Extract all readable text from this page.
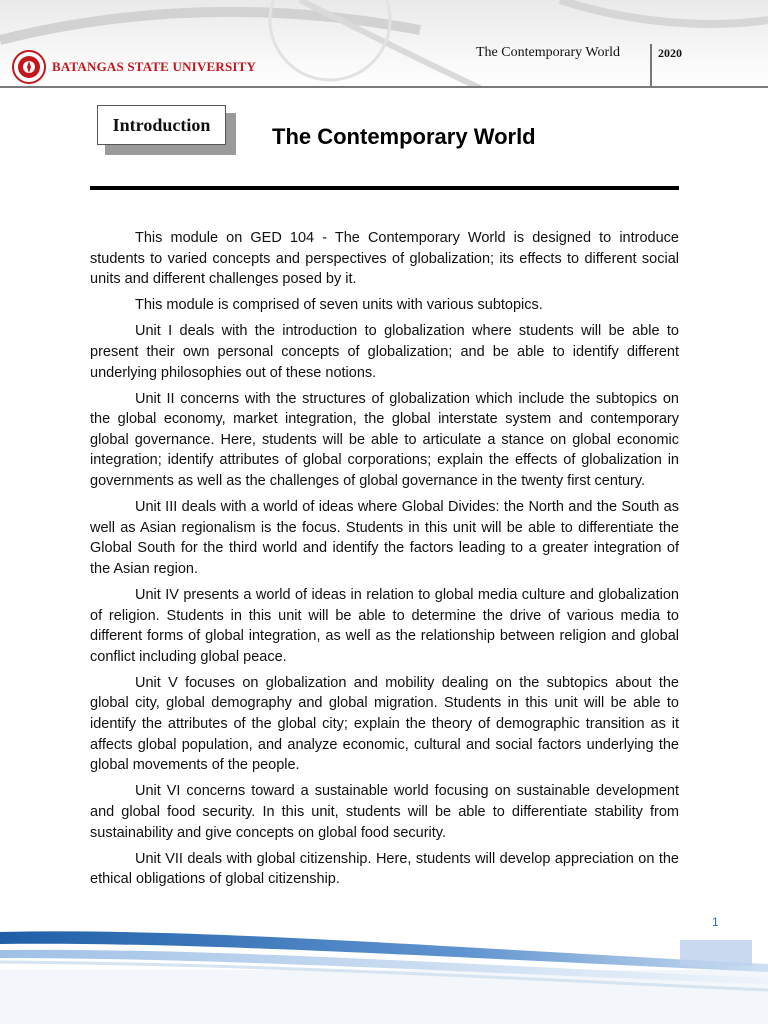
BATANGAS STATE UNIVERSITY
The Contemporary World	2020
Introduction	The Contemporary World

This module on GED 104 - The Contemporary World is designed to introduce students to varied concepts and perspectives of globalization; its effects to different social units and different challenges posed by it.

This module is comprised of seven units with various subtopics.

Unit I deals with the introduction to globalization where students will be able to present their own personal concepts of globalization; and be able to identify different underlying philosophies out of these notions.

Unit II concerns with the structures of globalization which include the subtopics on the global economy, market integration, the global interstate system and contemporary global governance. Here, students will be able to articulate a stance on global economic integration; identify attributes of global corporations; explain the effects of globalization in governments as well as the challenges of global governance in the twenty first century.

Unit III deals with a world of ideas where Global Divides: the North and the South as well as Asian regionalism is the focus. Students in this unit will be able to differentiate the Global South for the third world and identify the factors leading to a greater integration of the Asian region.

Unit IV presents a world of ideas in relation to global media culture and globalization of religion. Students in this unit will be able to determine the drive of various media to different forms of global integration, as well as the relationship between religion and global conflict including global peace.

Unit V focuses on globalization and mobility dealing on the subtopics about the global city, global demography and global migration. Students in this unit will be able to identify the attributes of the global city; explain the theory of demographic transition as it affects global population, and analyze economic, cultural and social factors underlying the global movements of the people.

Unit VI concerns toward a sustainable world focusing on sustainable development and global food security. In this unit, students will be able to differentiate stability from sustainability and give concepts on global food security.

Unit VII deals with global citizenship. Here, students will develop appreciation on the ethical obligations of global citizenship.

1
